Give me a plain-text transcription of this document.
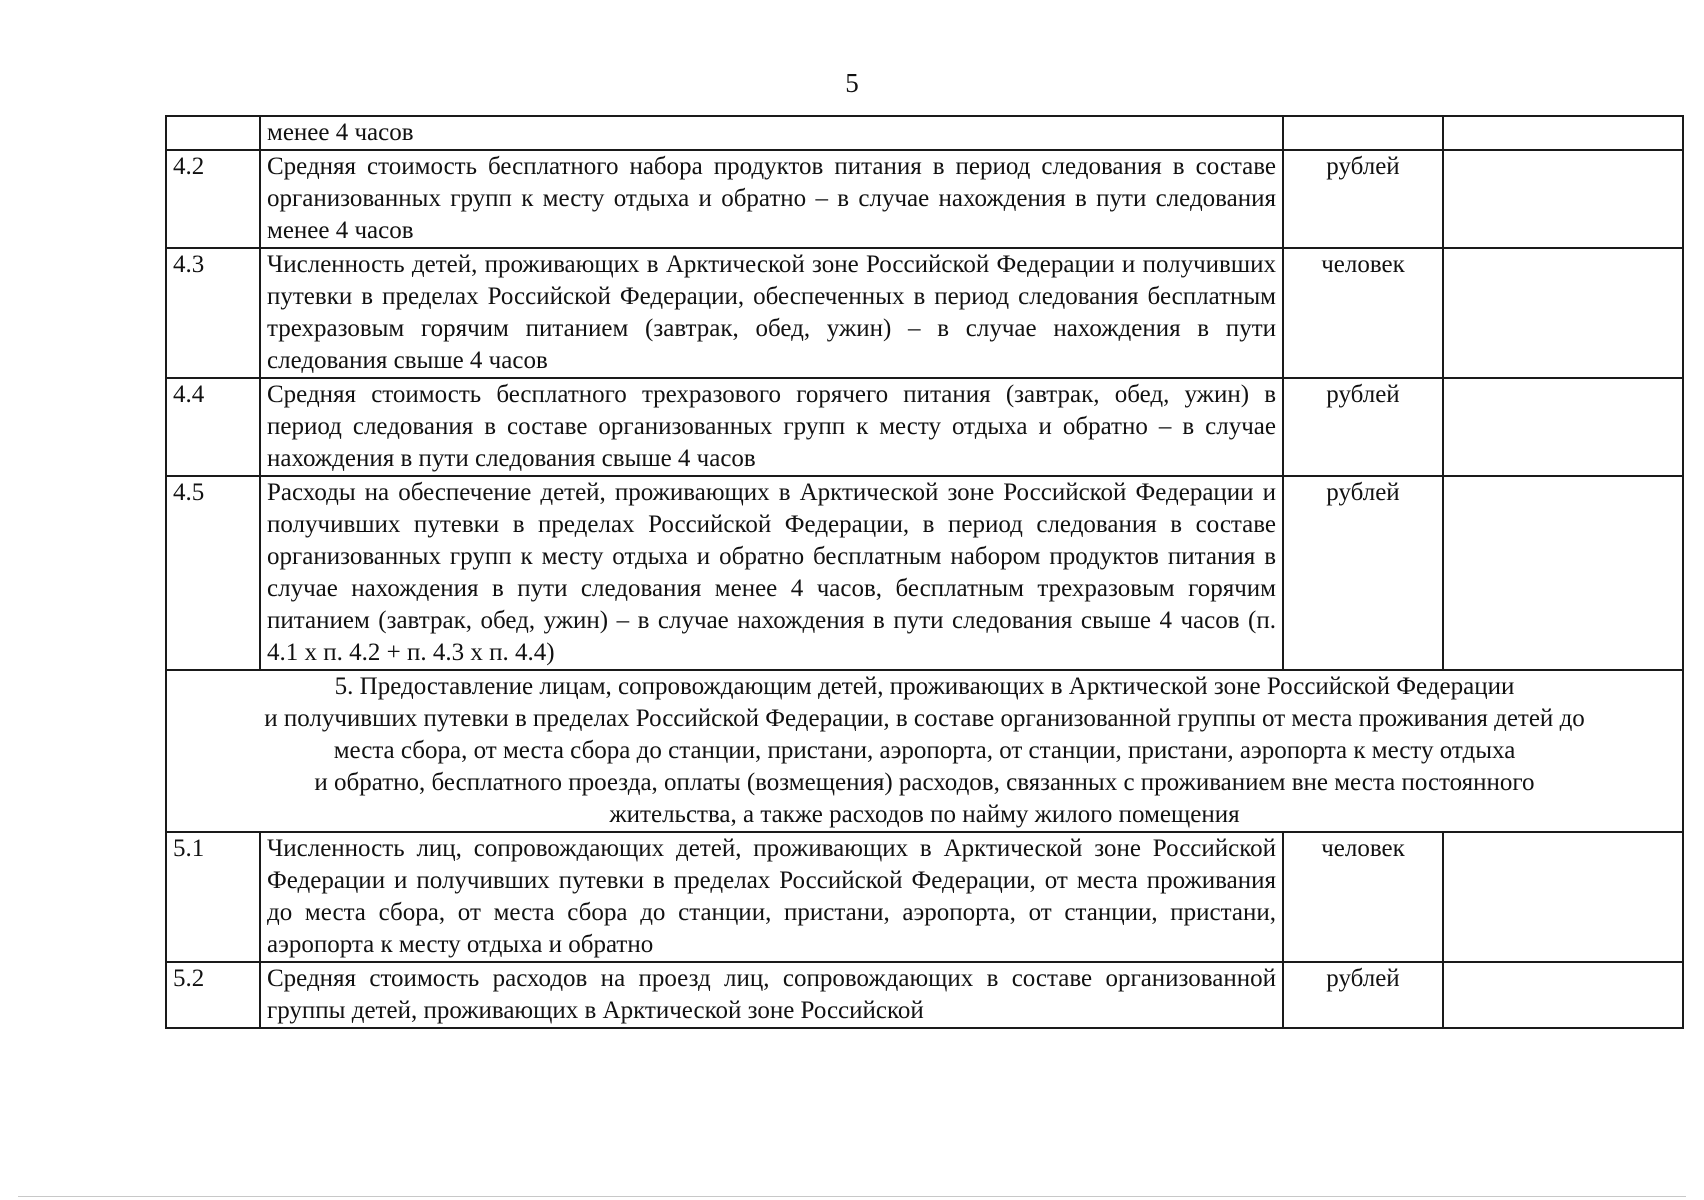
5
	менее 4 часов		
4.2	Средняя стоимость бесплатного набора продуктов питания в период следования в составе организованных групп к месту отдыха и обратно – в случае нахождения в пути следования менее 4 часов	рублей	
4.3	Численность детей, проживающих в Арктической зоне Российской Федерации и получивших путевки в пределах Российской Федерации, обеспеченных в период следования бесплатным трехразовым горячим питанием (завтрак, обед, ужин) – в случае нахождения в пути следования свыше 4 часов	человек	
4.4	Средняя стоимость бесплатного трехразового горячего питания (завтрак, обед, ужин) в период следования в составе организованных групп к месту отдыха и обратно – в случае нахождения в пути следования свыше 4 часов	рублей	
4.5	Расходы на обеспечение детей, проживающих в Арктической зоне Российской Федерации и получивших путевки в пределах Российской Федерации, в период следования в составе организованных групп к месту отдыха и обратно бесплатным набором продуктов питания в случае нахождения в пути следования менее 4 часов, бесплатным трехразовым горячим питанием (завтрак, обед, ужин) – в случае нахождения в пути следования свыше 4 часов (п. 4.1 х п. 4.2 + п. 4.3 х п. 4.4)	рублей	

5. Предоставление лицам, сопровождающим детей, проживающих в Арктической зоне Российской Федерации
и получивших путевки в пределах Российской Федерации, в составе организованной группы от места проживания детей до
места сбора, от места сбора до станции, пристани, аэропорта, от станции, пристани, аэропорта к месту отдыха
и обратно, бесплатного проезда, оплаты (возмещения) расходов, связанных с проживанием вне места постоянного
жительства, а также расходов по найму жилого помещения			

5.1	Численность лиц, сопровождающих детей, проживающих в Арктической зоне Российской Федерации и получивших путевки в пределах Российской Федерации, от места проживания до места сбора, от места сбора до станции, пристани, аэропорта, от станции, пристани, аэропорта к месту отдыха и обратно	человек	
5.2	Средняя стоимость расходов на проезд лиц, сопровождающих в составе организованной группы детей, проживающих в Арктической зоне Российской	рублей	
